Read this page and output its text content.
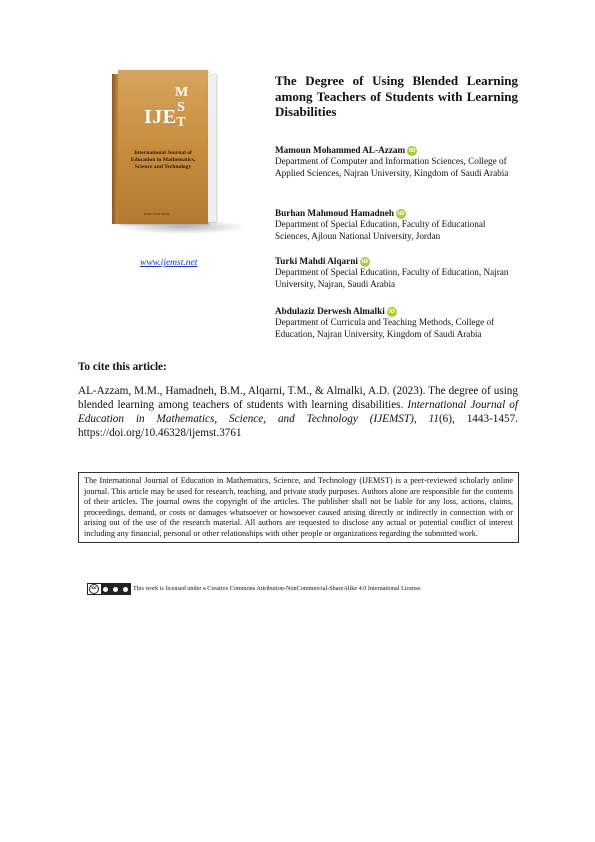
IJE
M
S
T
International Journal of Education in Mathematics, Science and Technology
ISSN: 2147-611X
www.ijemst.net
The Degree of Using Blended Learning among Teachers of Students with Learning Disabilities
Mamoun Mohammed AL-Azzam iD
Department of Computer and Information Sciences, College of Applied Sciences, Najran University, Kingdom of Saudi Arabia
Burhan Mahmoud Hamadneh iD
Department of Special Education, Faculty of Educational Sciences, Ajloun National University, Jordan
Turki Mahdi Alqarni iD
Department of Special Education, Faculty of Education, Najran University, Najran, Saudi Arabia
Abdulaziz Derwesh Almalki iD
Department of Curricula and Teaching Methods, College of Education, Najran University, Kingdom of Saudi Arabia
To cite this article:
AL-Azzam, M.M., Hamadneh, B.M., Alqarni, T.M., & Almalki, A.D. (2023). The degree of using blended learning among teachers of students with learning disabilities. International Journal of Education in Mathematics, Science, and Technology (IJEMST), 11(6), 1443-1457. https://doi.org/10.46328/ijemst.3761
The International Journal of Education in Mathematics, Science, and Technology (IJEMST) is a peer-reviewed scholarly online journal. This article may be used for research, teaching, and private study purposes. Authors alone are responsible for the contents of their articles. The journal owns the copyright of the articles. The publisher shall not be liable for any loss, actions, claims, proceedings, demand, or costs or damages whatsoever or howsoever caused arising directly or indirectly in connection with or arising out of the use of the research material. All authors are requested to disclose any actual or potential conflict of interest including any financial, personal or other relationships with other people or organizations regarding the submitted work.
cc	This work is licensed under a Creative Commons Attribution-NonCommercial-ShareAlike 4.0 International License.
